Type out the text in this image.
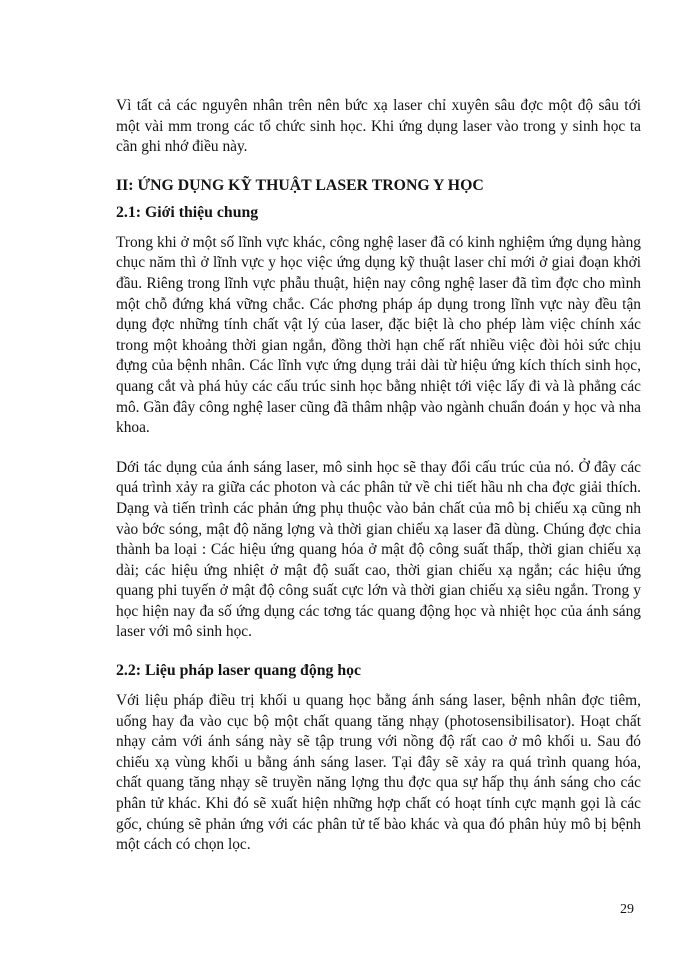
Vì tất cả các nguyên nhân trên nên bức xạ laser chỉ xuyên sâu đợc một độ sâu tới một vài mm trong các tổ chức sinh học. Khi ứng dụng laser vào trong y sinh học ta cần ghi nhớ điều này.

II: ỨNG DỤNG KỸ THUẬT LASER TRONG Y HỌC
2.1: Giới thiệu chung

Trong khi ở một số lĩnh vực khác, công nghệ laser đã có kinh nghiệm ứng dụng hàng chục năm thì ở lĩnh vực y học việc ứng dụng kỹ thuật laser chỉ mới ở giai đoạn khởi đầu. Riêng trong lĩnh vực phẫu thuật, hiện nay công nghệ laser đã tìm đợc cho mình một chỗ đứng khá vững chắc. Các phơng pháp áp dụng trong lĩnh vực này đều tận dụng đợc những tính chất vật lý của laser, đặc biệt là cho phép làm việc chính xác trong một khoảng thời gian ngắn, đồng thời hạn chế rất nhiều việc đòi hỏi sức chịu đựng của bệnh nhân. Các lĩnh vực ứng dụng trải dài từ hiệu ứng kích thích sinh học, quang cắt và phá hủy các cấu trúc sinh học bằng nhiệt tới việc lấy đi và là phẳng các mô. Gần đây công nghệ laser cũng đã thâm nhập vào ngành chuẩn đoán y học và nha khoa.

Dới tác dụng của ánh sáng laser, mô sinh học sẽ thay đổi cấu trúc của nó. Ở đây các quá trình xảy ra giữa các photon và các phân tử về chi tiết hầu nh cha đợc giải thích. Dạng và tiến trình các phản ứng phụ thuộc vào bản chất của mô bị chiếu xạ cũng nh vào bớc sóng, mật độ năng lợng và thời gian chiếu xạ laser đã dùng. Chúng đợc chia thành ba loại : Các hiệu ứng quang hóa ở mật độ công suất thấp, thời gian chiếu xạ dài; các hiệu ứng nhiệt ở mật độ suất cao, thời gian chiếu xạ ngắn; các hiệu ứng quang phi tuyến ở mật độ công suất cực lớn và thời gian chiếu xạ siêu ngắn. Trong y học hiện nay đa số ứng dụng các tơng tác quang động học và nhiệt học của ánh sáng laser với mô sinh học.

2.2: Liệu pháp laser quang động học

Với liệu pháp điều trị khối u quang học bằng ánh sáng laser, bệnh nhân đợc tiêm, uống hay đa vào cục bộ một chất quang tăng nhạy (photosensibilisator). Hoạt chất nhạy cảm với ánh sáng này sẽ tập trung với nồng độ rất cao ở mô khối u. Sau đó chiếu xạ vùng khối u bằng ánh sáng laser. Tại đây sẽ xảy ra quá trình quang hóa, chất quang tăng nhạy sẽ truyền năng lợng thu đợc qua sự hấp thụ ánh sáng cho các phân tử khác. Khi đó sẽ xuất hiện những hợp chất có hoạt tính cực mạnh gọi là các gốc, chúng sẽ phản ứng với các phân tử tế bào khác và qua đó phân hủy mô bị bệnh một cách có chọn lọc.

29
